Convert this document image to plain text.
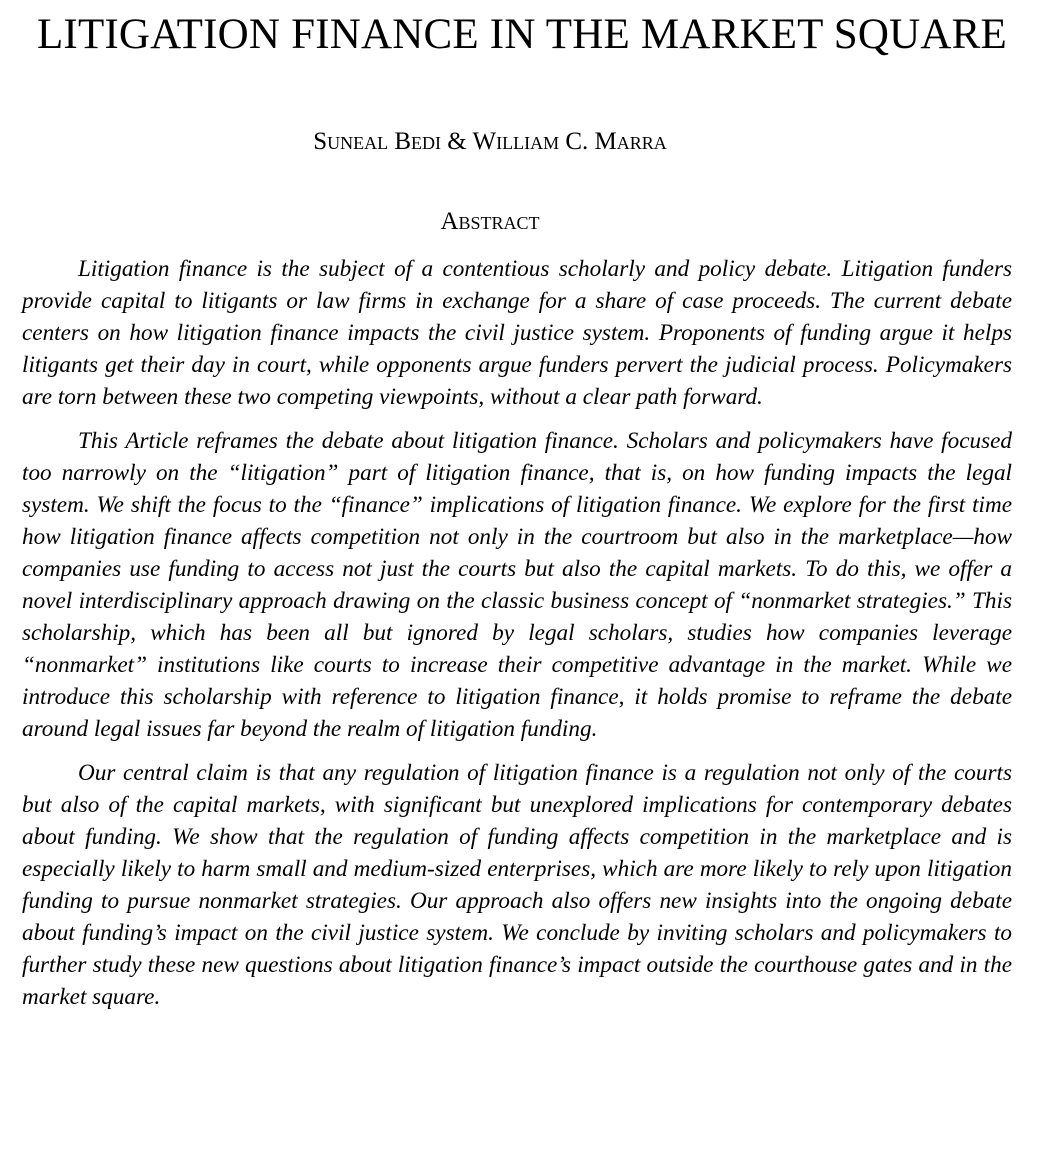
LITIGATION FINANCE IN THE MARKET SQUARE
Suneal Bedi & William C. Marra
Abstract

Litigation finance is the subject of a contentious scholarly and policy debate. Litigation funders provide capital to litigants or law firms in exchange for a share of case proceeds. The current debate centers on how litigation finance impacts the civil justice system. Proponents of funding argue it helps litigants get their day in court, while opponents argue funders pervert the judicial process. Policymakers are torn between these two competing viewpoints, without a clear path forward.

This Article reframes the debate about litigation finance. Scholars and policymakers have focused too narrowly on the “litigation” part of litigation finance, that is, on how funding impacts the legal system. We shift the focus to the “finance” implications of litigation finance. We explore for the first time how litigation finance affects competition not only in the courtroom but also in the marketplace—how companies use funding to access not just the courts but also the capital markets. To do this, we offer a novel interdisciplinary approach drawing on the classic business concept of “nonmarket strategies.” This scholarship, which has been all but ignored by legal scholars, studies how companies leverage “nonmarket” institutions like courts to increase their competitive advantage in the market. While we introduce this scholarship with reference to litigation finance, it holds promise to reframe the debate around legal issues far beyond the realm of litigation funding.

Our central claim is that any regulation of litigation finance is a regulation not only of the courts but also of the capital markets, with significant but unexplored implications for contemporary debates about funding. We show that the regulation of funding affects competition in the marketplace and is especially likely to harm small and medium-sized enterprises, which are more likely to rely upon litigation funding to pursue nonmarket strategies. Our approach also offers new insights into the ongoing debate about funding’s impact on the civil justice system. We conclude by inviting scholars and policymakers to further study these new questions about litigation finance’s impact outside the courthouse gates and in the market square.
